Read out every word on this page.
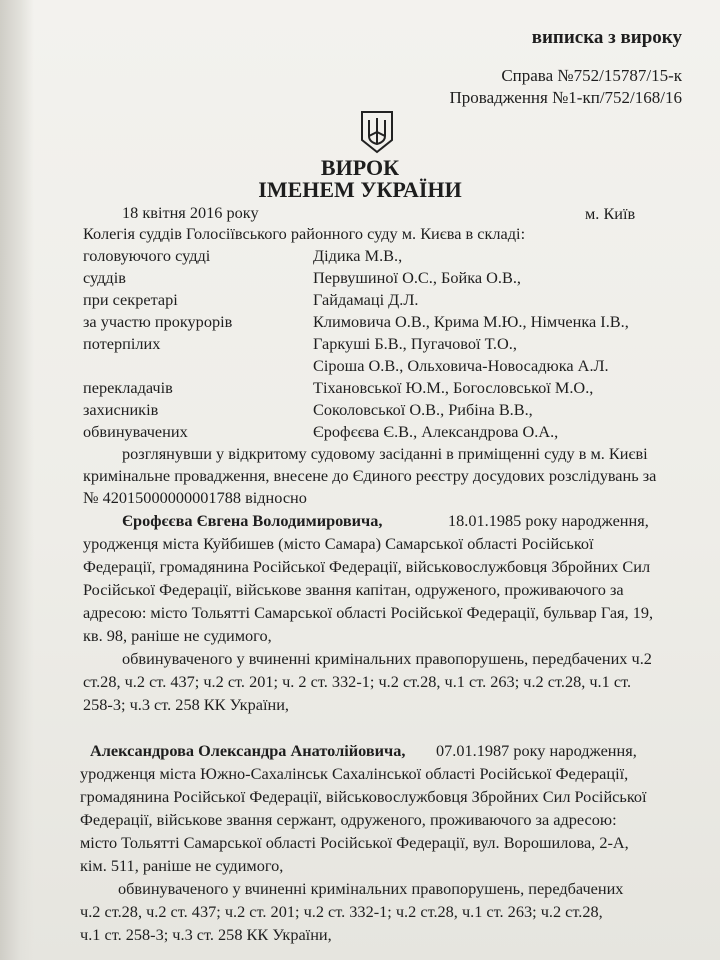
виписка з вироку
Справа №752/15787/15-к
Провадження №1-кп/752/168/16
ВИРОК
ІМЕНЕМ УКРАЇНИ
18 квітня 2016 року	м. Київ
Колегія суддів Голосіївського районного суду м. Києва в складі:
головуючого судді	Дідика М.В.,
суддів	Первушиної О.С., Бойка О.В.,
при секретарі	Гайдамаці Д.Л.
за участю прокурорів	Климовича О.В., Крима М.Ю., Німченка І.В.,
потерпілих	Гаркуші Б.В., Пугачової Т.О.,
Сіроша О.В., Ольховича-Новосадюка А.Л.
перекладачів	Тіхановської Ю.М., Богословської М.О.,
захисників	Соколовської О.В., Рибіна В.В.,
обвинувачених	Єрофєєва Є.В., Александрова О.А.,
розглянувши у відкритому судовому засіданні в приміщенні суду в м. Києві
кримінальне провадження, внесене до Єдиного реєстру досудових розслідувань за
№ 42015000000001788 відносно
Єрофєєва Євгена Володимировича,	18.01.1985 року народження,
уродженця міста Куйбишев (місто Самара) Самарської області Російської
Федерації, громадянина Російської Федерації, військовослужбовця Збройних Сил
Російської Федерації, військове звання капітан, одруженого, проживаючого за
адресою: місто Тольятті Самарської області Російської Федерації, бульвар Гая, 19,
кв. 98, раніше не судимого,
обвинуваченого у вчиненні кримінальних правопорушень, передбачених ч.2
ст.28, ч.2 ст. 437; ч.2 ст. 201; ч. 2 ст. 332-1; ч.2 ст.28, ч.1 ст. 263; ч.2 ст.28, ч.1 ст.
258-3; ч.3 ст. 258 КК України,
Александрова Олександра Анатолійовича, 07.01.1987 року народження,
уродженця міста Южно-Сахалінськ Сахалінської області Російської Федерації,
громадянина Російської Федерації, військовослужбовця Збройних Сил Російської
Федерації, військове звання сержант, одруженого, проживаючого за адресою:
місто Тольятті Самарської області Російської Федерації, вул. Ворошилова, 2-А,
кім. 511, раніше не судимого,
обвинуваченого у вчиненні кримінальних правопорушень, передбачених
ч.2 ст.28, ч.2 ст. 437; ч.2 ст. 201; ч.2 ст. 332-1; ч.2 ст.28, ч.1 ст. 263; ч.2 ст.28,
ч.1 ст. 258-3; ч.3 ст. 258 КК України,
